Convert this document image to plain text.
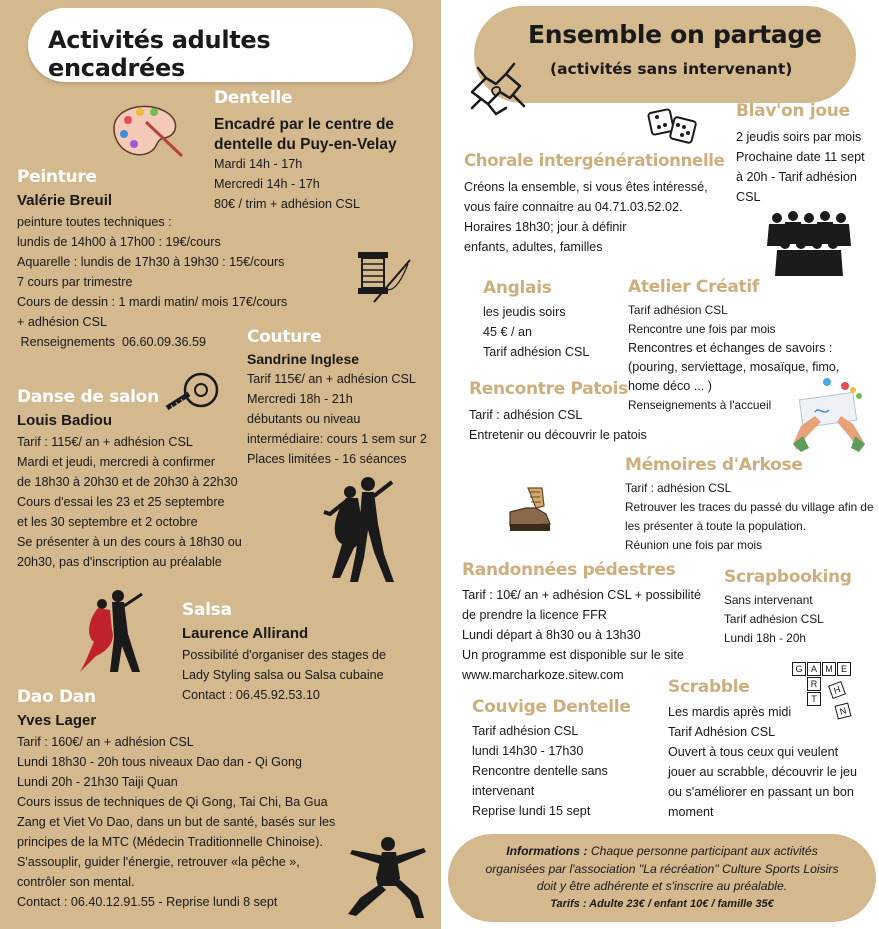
Activités adultes encadrées
Dentelle
Encadré par le centre de
dentelle du Puy-en-Velay
Mardi 14h - 17h
Mercredi 14h - 17h
80€ / trim + adhésion CSL
Peinture
Valérie Breuil
peinture toutes techniques :
lundis de 14h00 à 17h00 : 19€/cours
Aquarelle : lundis de 17h30 à 19h30 : 15€/cours
7 cours par trimestre
Cours de dessin : 1 mardi matin/ mois 17€/cours
+ adhésion CSL
Renseignements  06.60.09.36.59	Couture
Sandrine Inglese
Tarif 115€/ an + adhésion CSL
Mercredi 18h - 21h
débutants ou niveau
intermédiaire: cours 1 sem sur 2
Places limitées - 16 séances
Danse de salon
Louis Badiou
Tarif : 115€/ an + adhésion CSL
Mardi et jeudi, mercredi à confirmer
de 18h30 à 20h30 et de 20h30 à 22h30
Cours d'essai les 23 et 25 septembre
et les 30 septembre et 2 octobre
Se présenter à un des cours à 18h30 ou
20h30, pas d'inscription au préalable
Salsa
Laurence Allirand
Possibilité d'organiser des stages de
Lady Styling salsa ou Salsa cubaine
Contact : 06.45.92.53.10
Dao Dan
Yves Lager
Tarif : 160€/ an + adhésion CSL
Lundi 18h30 - 20h tous niveaux Dao dan - Qi Gong
Lundi 20h - 21h30 Taiji Quan
Cours issus de techniques de Qi Gong, Tai Chi, Ba Gua
Zang et Viet Vo Dao, dans un but de santé, basés sur les
principes de la MTC (Médecin Traditionnelle Chinoise).
S'assouplir, guider l'énergie, retrouver «la pêche »,
contrôler son mental.
Contact : 06.40.12.91.55 - Reprise lundi 8 sept
Ensemble on partage
(activités sans intervenant)
Blav'on joue
2 jeudis soirs par mois
Prochaine date 11 sept
à 20h - Tarif adhésion
CSL
Chorale intergénérationnelle
Créons la ensemble, si vous êtes intéressé,
vous faire connaitre au 04.71.03.52.02.
Horaires 18h30; jour à définir
enfants, adultes, familles
Anglais
les jeudis soirs
45 € / an
Tarif adhésion CSL
Atelier Créatif
Tarif adhésion CSL
Rencontre une fois par mois
Rencontres et échanges de savoirs :
(pouring, serviettage, mosaïque, fimo,
home déco ... )
Renseignements à l'accueil
Rencontre Patois
Tarif : adhésion CSL
Entretenir ou découvrir le patois
Mémoires d'Arkose
Tarif : adhésion CSL
Retrouver les traces du passé du village afin de
les présenter à toute la population.
Réunion une fois par mois
Randonnées pédestres
Tarif : 10€/ an + adhésion CSL + possibilité
de prendre la licence FFR
Lundi départ à 8h30 ou à 13h30
Un programme est disponible sur le site
www.marcharkoze.sitew.com
Scrapbooking
Sans intervenant
Tarif adhésion CSL
Lundi 18h - 20h
G A M E
R
H
T
N
Couvige Dentelle
Tarif adhésion CSL
lundi 14h30 - 17h30
Rencontre dentelle sans
intervenant
Reprise lundi 15 sept
Scrabble
Les mardis après midi
Tarif Adhésion CSL
Ouvert à tous ceux qui veulent
jouer au scrabble, découvrir le jeu
ou s'améliorer en passant un bon
moment
Informations : Chaque personne participant aux activités
organisées par l'association "La récréation" Culture Sports Loisirs
doit y être adhérente et s'inscrire au préalable.
Tarifs : Adulte 23€ / enfant 10€ / famille 35€
